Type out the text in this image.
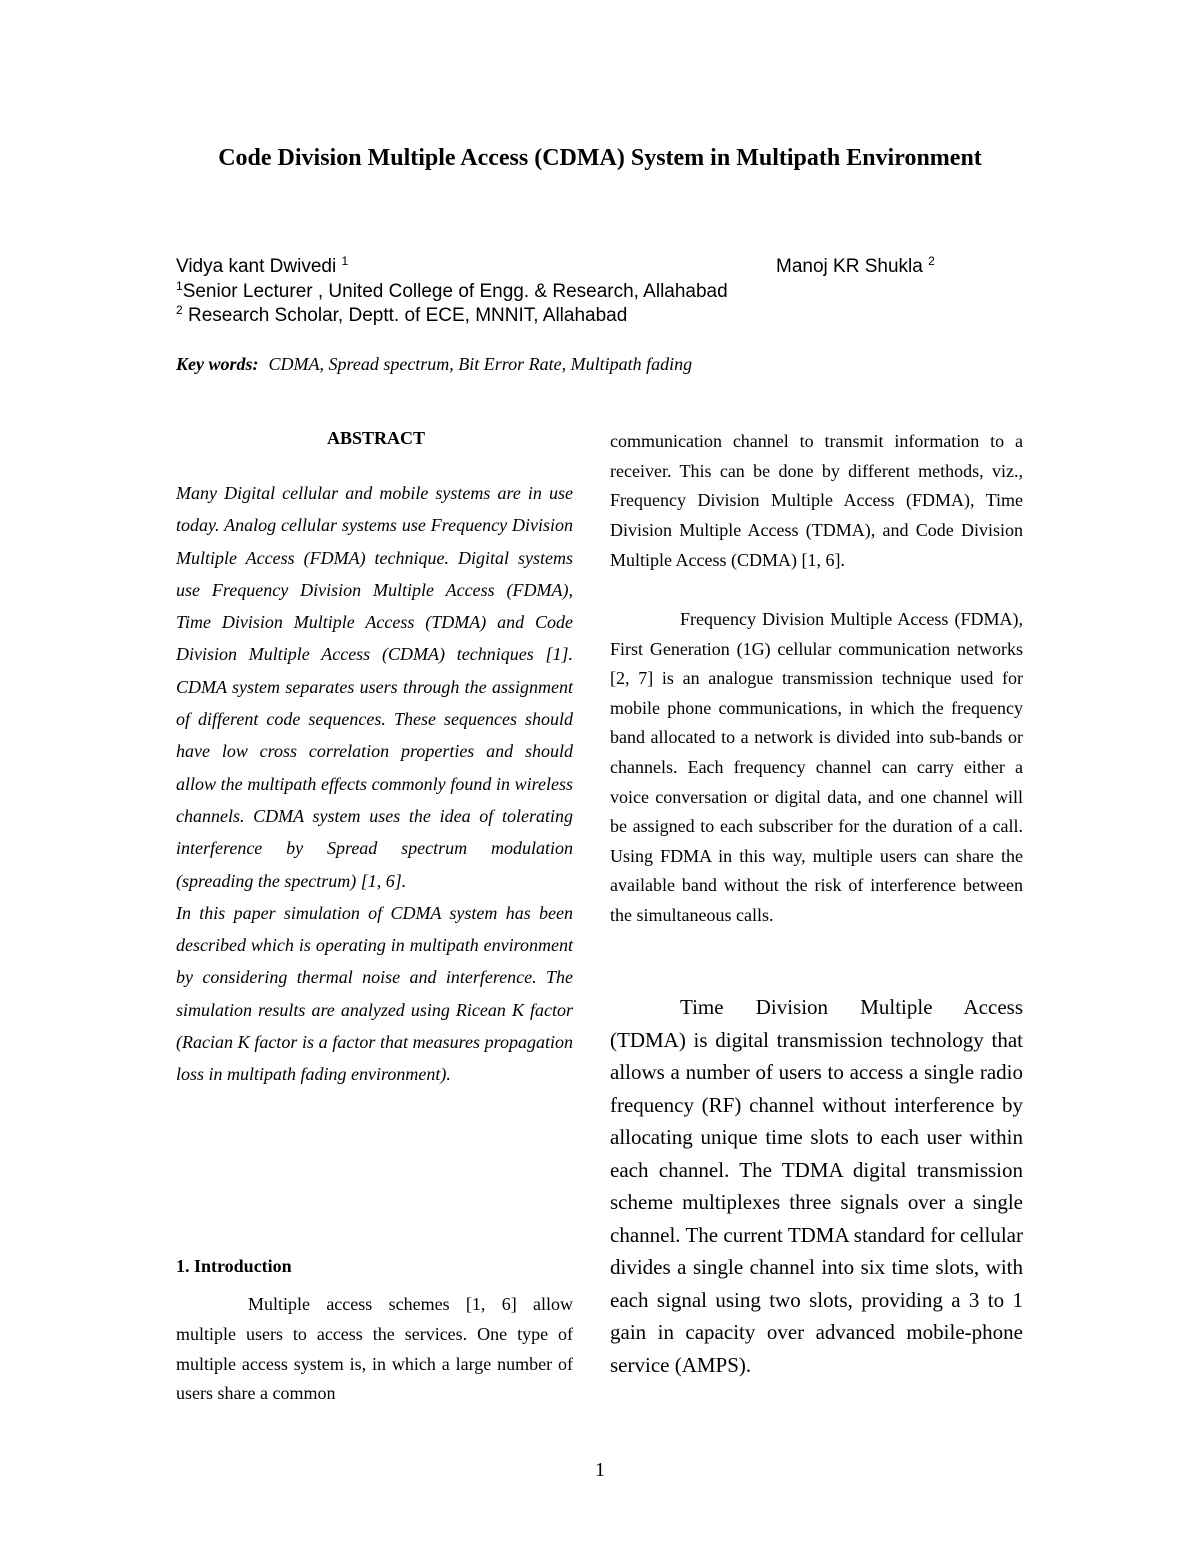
Code Division Multiple Access (CDMA) System in Multipath Environment
Vidya kant Dwivedi $^1$	Manoj KR Shukla $^2$
$^1$Senior Lecturer , United College of Engg. & Research, Allahabad
$^2$ Research Scholar, Deptt. of ECE, MNNIT, Allahabad
Key words: CDMA, Spread spectrum, Bit Error Rate, Multipath fading
ABSTRACT

Many Digital cellular and mobile systems are in use today. Analog cellular systems use Frequency Division Multiple Access (FDMA) technique. Digital systems use Frequency Division Multiple Access (FDMA), Time Division Multiple Access (TDMA) and Code Division Multiple Access (CDMA) techniques [1]. CDMA system separates users through the assignment of different code sequences. These sequences should have low cross correlation properties and should allow the multipath effects commonly found in wireless channels. CDMA system uses the idea of tolerating interference by Spread spectrum modulation (spreading the spectrum) [1, 6].

In this paper simulation of CDMA system has been described which is operating in multipath environment by considering thermal noise and interference. The simulation results are analyzed using Ricean K factor (Racian K factor is a factor that measures propagation loss in multipath fading environment).

1. Introduction

Multiple access schemes [1, 6] allow multiple users to access the services. One type of multiple access system is, in which a large number of users share a common

communication channel to transmit information to a receiver. This can be done by different methods, viz., Frequency Division Multiple Access (FDMA), Time Division Multiple Access (TDMA), and Code Division Multiple Access (CDMA) [1, 6].

Frequency Division Multiple Access (FDMA), First Generation (1G) cellular communication networks [2, 7] is an analogue transmission technique used for mobile phone communications, in which the frequency band allocated to a network is divided into sub-bands or channels. Each frequency channel can carry either a voice conversation or digital data, and one channel will be assigned to each subscriber for the duration of a call. Using FDMA in this way, multiple users can share the available band without the risk of interference between the simultaneous calls.

Time Division Multiple Access (TDMA) is digital transmission technology that allows a number of users to access a single radio frequency (RF) channel without interference by allocating unique time slots to each user within each channel. The TDMA digital transmission scheme multiplexes three signals over a single channel. The current TDMA standard for cellular divides a single channel into six time slots, with each signal using two slots, providing a 3 to 1 gain in capacity over advanced mobile-phone service (AMPS).

1
